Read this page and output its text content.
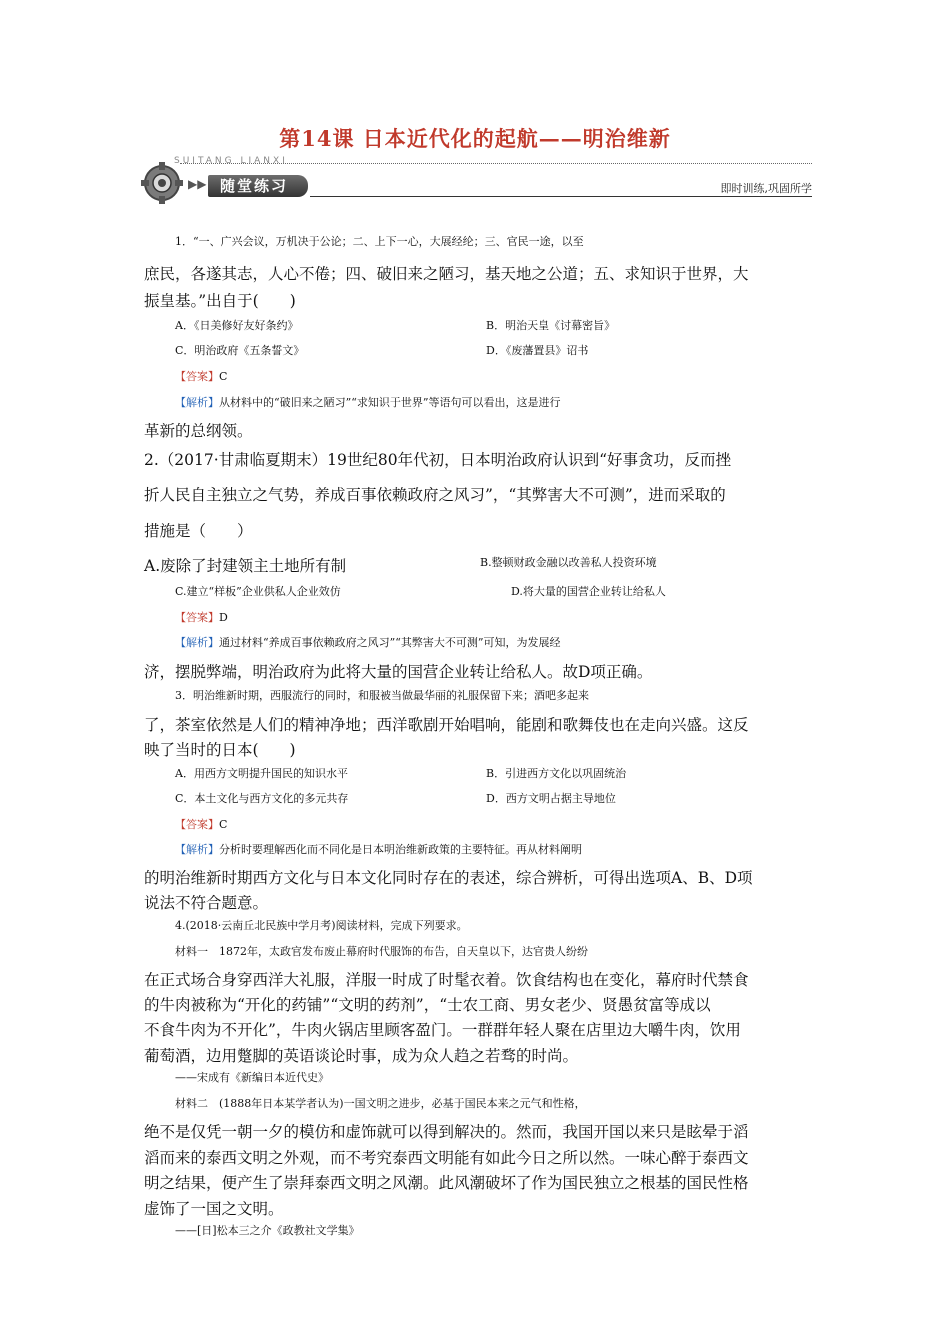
第14课 日本近代化的起航——明治维新
SUITANG LIANXI
▶▶ 随堂练习	即时训练,巩固所学
1．“一、广兴会议，万机决于公论；二、上下一心，大展经纶；三、官民一途，以至
庶民，各遂其志，人心不倦；四、破旧来之陋习，基天地之公道；五、求知识于世界，大
振皇基。”出自于(　　)
A．《日美修好友好条约》	B．明治天皇《讨幕密旨》
C．明治政府《五条誓文》	D．《废藩置县》诏书
【答案】C
【解析】从材料中的“破旧来之陋习”“求知识于世界”等语句可以看出，这是进行
革新的总纲领。
2.（2017·甘肃临夏期末）19世纪80年代初，日本明治政府认识到“好事贪功，反而挫
折人民自主独立之气势，养成百事依赖政府之风习”，“其弊害大不可测”，进而采取的
措施是（　　）
A.废除了封建领主土地所有制	B.整顿财政金融以改善私人投资环境
C.建立“样板”企业供私人企业效仿	D.将大量的国营企业转让给私人
【答案】D
【解析】通过材料“养成百事依赖政府之风习”“其弊害大不可测”可知，为发展经
济，摆脱弊端，明治政府为此将大量的国营企业转让给私人。故D项正确。
3．明治维新时期，西服流行的同时，和服被当做最华丽的礼服保留下来；酒吧多起来
了，茶室依然是人们的精神净地；西洋歌剧开始唱响，能剧和歌舞伎也在走向兴盛。这反
映了当时的日本(　　)
A．用西方文明提升国民的知识水平	B．引进西方文化以巩固统治
C．本土文化与西方文化的多元共存	D．西方文明占据主导地位
【答案】C
【解析】分析时要理解西化而不同化是日本明治维新政策的主要特征。再从材料阐明
的明治维新时期西方文化与日本文化同时存在的表述，综合辨析，可得出选项A、B、D项
说法不符合题意。
4.(2018·云南丘北民族中学月考)阅读材料，完成下列要求。
材料一　1872年，太政官发布废止幕府时代服饰的布告，自天皇以下，达官贵人纷纷
在正式场合身穿西洋大礼服，洋服一时成了时髦衣着。饮食结构也在变化，幕府时代禁食
的牛肉被称为“开化的药铺”“文明的药剂”，“士农工商、男女老少、贤愚贫富等成以
不食牛肉为不开化”，牛肉火锅店里顾客盈门。一群群年轻人聚在店里边大嚼牛肉，饮用
葡萄酒，边用蹩脚的英语谈论时事，成为众人趋之若骛的时尚。
——宋成有《新编日本近代史》
材料二　(1888年日本某学者认为)一国文明之进步，必基于国民本来之元气和性格，
绝不是仅凭一朝一夕的模仿和虚饰就可以得到解决的。然而，我国开国以来只是眩晕于滔
滔而来的泰西文明之外观，而不考究泰西文明能有如此今日之所以然。一味心醉于泰西文
明之结果，便产生了崇拜泰西文明之风潮。此风潮破坏了作为国民独立之根基的国民性格
虚饰了一国之文明。
——[日]松本三之介《政教社文学集》
